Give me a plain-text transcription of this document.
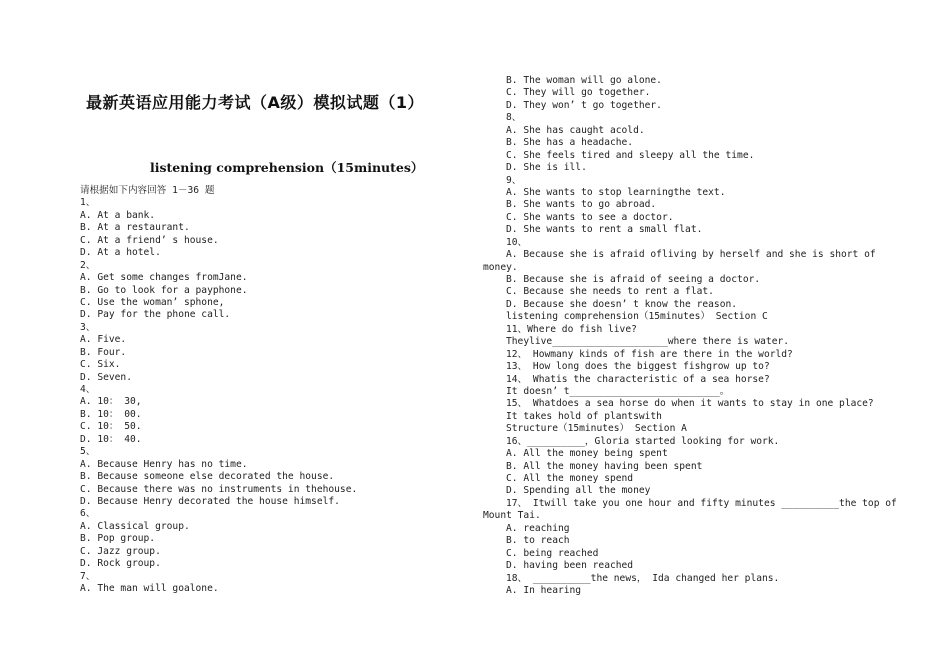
最新英语应用能力考试（A级）模拟试题（1）
listening comprehension（15minutes）
请根据如下内容回答 1－36 题
1、
A. At a bank.
B. At a restaurant.
C. At a friend’ s house.
D. At a hotel.
2、
A. Get some changes fromJane.
B. Go to look for a payphone.
C. Use the woman’ sphone,
D. Pay for the phone call.
3、
A. Five.
B. Four.
C. Six.
D. Seven.
4、
A. 10： 30,
B. 10： 00.
C. 10： 50.
D. 10： 40.
5、
A. Because Henry has no time.
B. Because someone else decorated the house.
C. Because there was no instruments in thehouse.
D. Because Henry decorated the house himself.
6、
A. Classical group.
B. Pop group.
C. Jazz group.
D. Rock group.
7、
A. The man will goalone.
B. The woman will go alone.
C. They will go together.
D. They won’ t go together.
8、
A. She has caught acold.
B. She has a headache.
C. She feels tired and sleepy all the time.
D. She is ill.
9、
A. She wants to stop learningthe text.
B. She wants to go abroad.
C. She wants to see a doctor.
D. She wants to rent a small flat.
10、
A. Because she is afraid ofliving by herself and she is short of
money.
B. Because she is afraid of seeing a doctor.
C. Because she needs to rent a flat.
D. Because she doesn’ t know the reason.
listening comprehension（15minutes） Section C
11、Where do fish live?
Theylive____________________where there is water.
12、 Howmany kinds of fish are there in the world?
13、 How long does the biggest fishgrow up to?
14、 Whatis the characteristic of a sea horse?
It doesn’ t__________________________。
15、 Whatdoes a sea horse do when it wants to stay in one place?
It takes hold of plantswith
Structure（15minutes） Section A
16、__________，Gloria started looking for work.
A. All the money being spent
B. All the money having been spent
C. All the money spend
D. Spending all the money
17、 Itwill take you one hour and fifty minutes __________the top of
Mount Tai.
A. reaching
B. to reach
C. being reached
D. having been reached
18、 __________the news， Ida changed her plans.
A. In hearing
